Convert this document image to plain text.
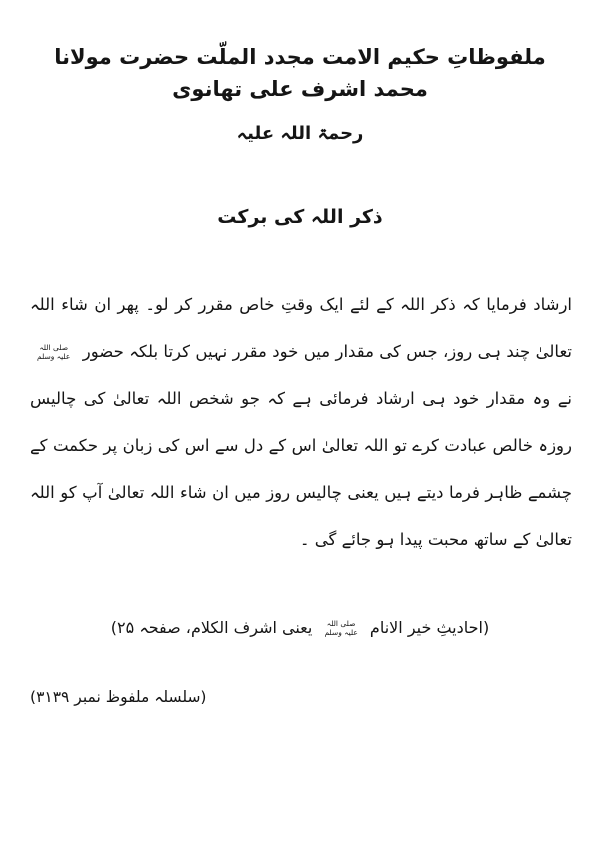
ملفوظاتِ حکیم الامت مجدد الملّت حضرت مولانا محمد اشرف علی تھانوی
رحمۃ اللہ علیہ
ذکر اللہ کی برکت

ارشاد فرمایا کہ ذکر اللہ کے لئے ایک وقتِ خاص مقرر کر لو۔ پھر ان شاء اللہ تعالیٰ چند ہی روز، جس کی مقدار میں خود مقرر نہیں کرتا بلکہ حضور
صلی اللہ
علیہ وسلم
نے وہ مقدار خود ہی ارشاد فرمائی ہے کہ جو شخص اللہ تعالیٰ کی چالیس روزہ خالص عبادت کرے تو اللہ تعالیٰ اس کے دل سے اس کی زبان پر حکمت کے چشمے ظاہر فرما دیتے ہیں یعنی چالیس روز میں ان شاء اللہ تعالیٰ آپ کو اللہ تعالیٰ کے ساتھ محبت پیدا ہو جائے گی ۔

(احادیثِ خیر الانام
صلی اللہ
علیہ وسلم
یعنی اشرف الکلام، صفحہ ۲۵)
(سلسلہ ملفوظ نمبر ۳۱۳۹)
